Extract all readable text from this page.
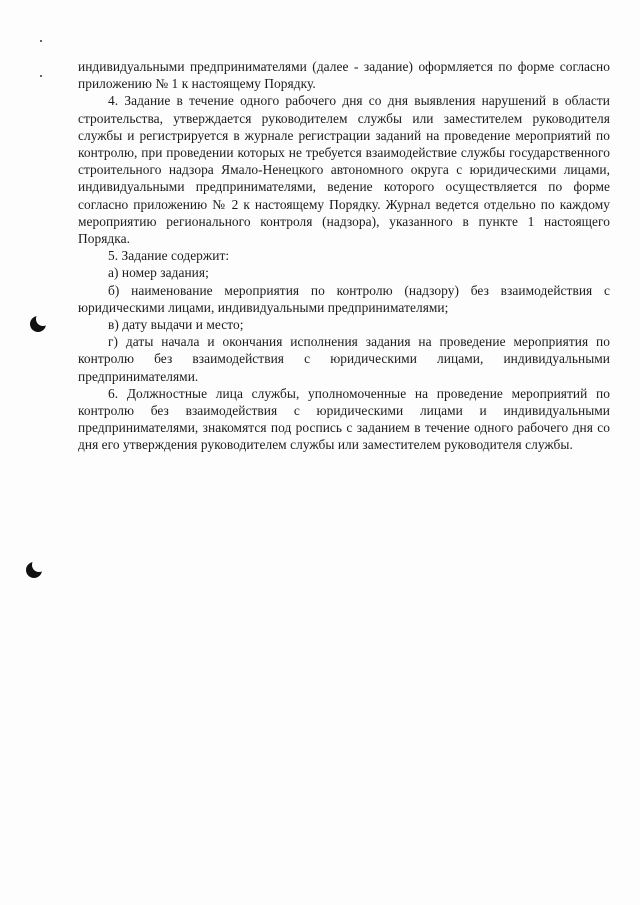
индивидуальными предпринимателями (далее - задание) оформляется по форме согласно приложению № 1 к настоящему Порядку.

4. Задание в течение одного рабочего дня со дня выявления нарушений в области строительства, утверждается руководителем службы или заместителем руководителя службы и регистрируется в журнале регистрации заданий на проведение мероприятий по контролю, при проведении которых не требуется взаимодействие службы государственного строительного надзора Ямало-Ненецкого автономного округа с юридическими лицами, индивидуальными предпринимателями, ведение которого осуществляется по форме согласно приложению № 2 к настоящему Порядку. Журнал ведется отдельно по каждому мероприятию регионального контроля (надзора), указанного в пункте 1 настоящего Порядка.

5. Задание содержит:

а) номер задания;

б) наименование мероприятия по контролю (надзору) без взаимодействия с юридическими лицами, индивидуальными предпринимателями;

в) дату выдачи и место;

г) даты начала и окончания исполнения задания на проведение мероприятия по контролю без взаимодействия с юридическими лицами, индивидуальными предпринимателями.

6. Должностные лица службы, уполномоченные на проведение мероприятий по контролю без взаимодействия с юридическими лицами и индивидуальными предпринимателями, знакомятся под роспись с заданием в течение одного рабочего дня со дня его утверждения руководителем службы или заместителем руководителя службы.
